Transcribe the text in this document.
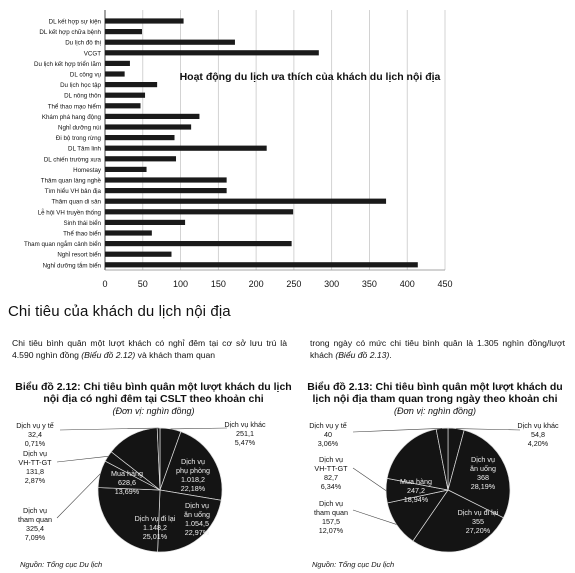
0	50	100	150	200	250	300	350	400	450
DL kết hợp sự kiện
DL kết hợp chữa bệnh
Du lịch đô thị
VCGT
Du lịch kết hợp triển lãm
DL công vụ
Du lịch học tập
DL nông thôn
Thể thao mạo hiểm
Khám phá hang động
Nghỉ dưỡng núi
Đi bộ trong rừng
DL Tâm linh
DL chiến trường xưa
Homestay
Thăm quan làng nghề
Tìm hiểu VH bản địa
Thăm quan di sản
Lễ hội VH truyền thống
Sinh thái biển
Thể thao biển
Tham quan ngắm cảnh biển
Nghỉ resort biển
Nghỉ dưỡng tắm biển
Hoạt động du lịch ưa thích của khách du lịch nội địa
Chi tiêu của khách du lịch nội địa

Chi tiêu bình quân một lượt khách có nghỉ đêm tại cơ sở lưu trú là 4.590 nghìn đồng (Biểu đồ 2.12) và khách tham quan

trong ngày có mức chi tiêu bình quân là 1.305 nghìn đồng/lượt khách (Biểu đồ 2.13).

Biểu đồ 2.12: Chi tiêu bình quân một lượt khách du lịch nội địa có nghỉ đêm tại CSLT theo khoản chi

(Đơn vị: nghìn đồng)
Dịch vụ khác
251,1
5,47%
Dịch vụ
phụ phòng
1.018,2
22,18%
Dịch vụ
ăn uống
1.054,5
22,97%
Dịch vụ đi lại
1.148,2
25,01%
Dịch vụ
tham quan
325,4
7,09%
Dịch vụ
VH-TT-GT
131,8
2,87%
Mua hàng
628,6
13,69%
Dịch vụ y tế
32,4
0,71%
Nguồn: Tổng cục Du lịch

Biểu đồ 2.13: Chi tiêu bình quân một lượt khách du lịch nội địa tham quan trong ngày theo khoản chi

(Đơn vị: nghìn đồng)
Dịch vụ khác
54,8
4,20%
Dịch vụ
ăn uống
368
28,19%
Dịch vụ đi lại
355
27,20%
Dịch vụ
tham quan
157,5
12,07%
Dịch vụ
VH-TT-GT
82,7
6,34%
Mua hàng
247,2
18,94%
Dịch vụ y tế
40
3,06%
Nguồn: Tổng cục Du lịch
